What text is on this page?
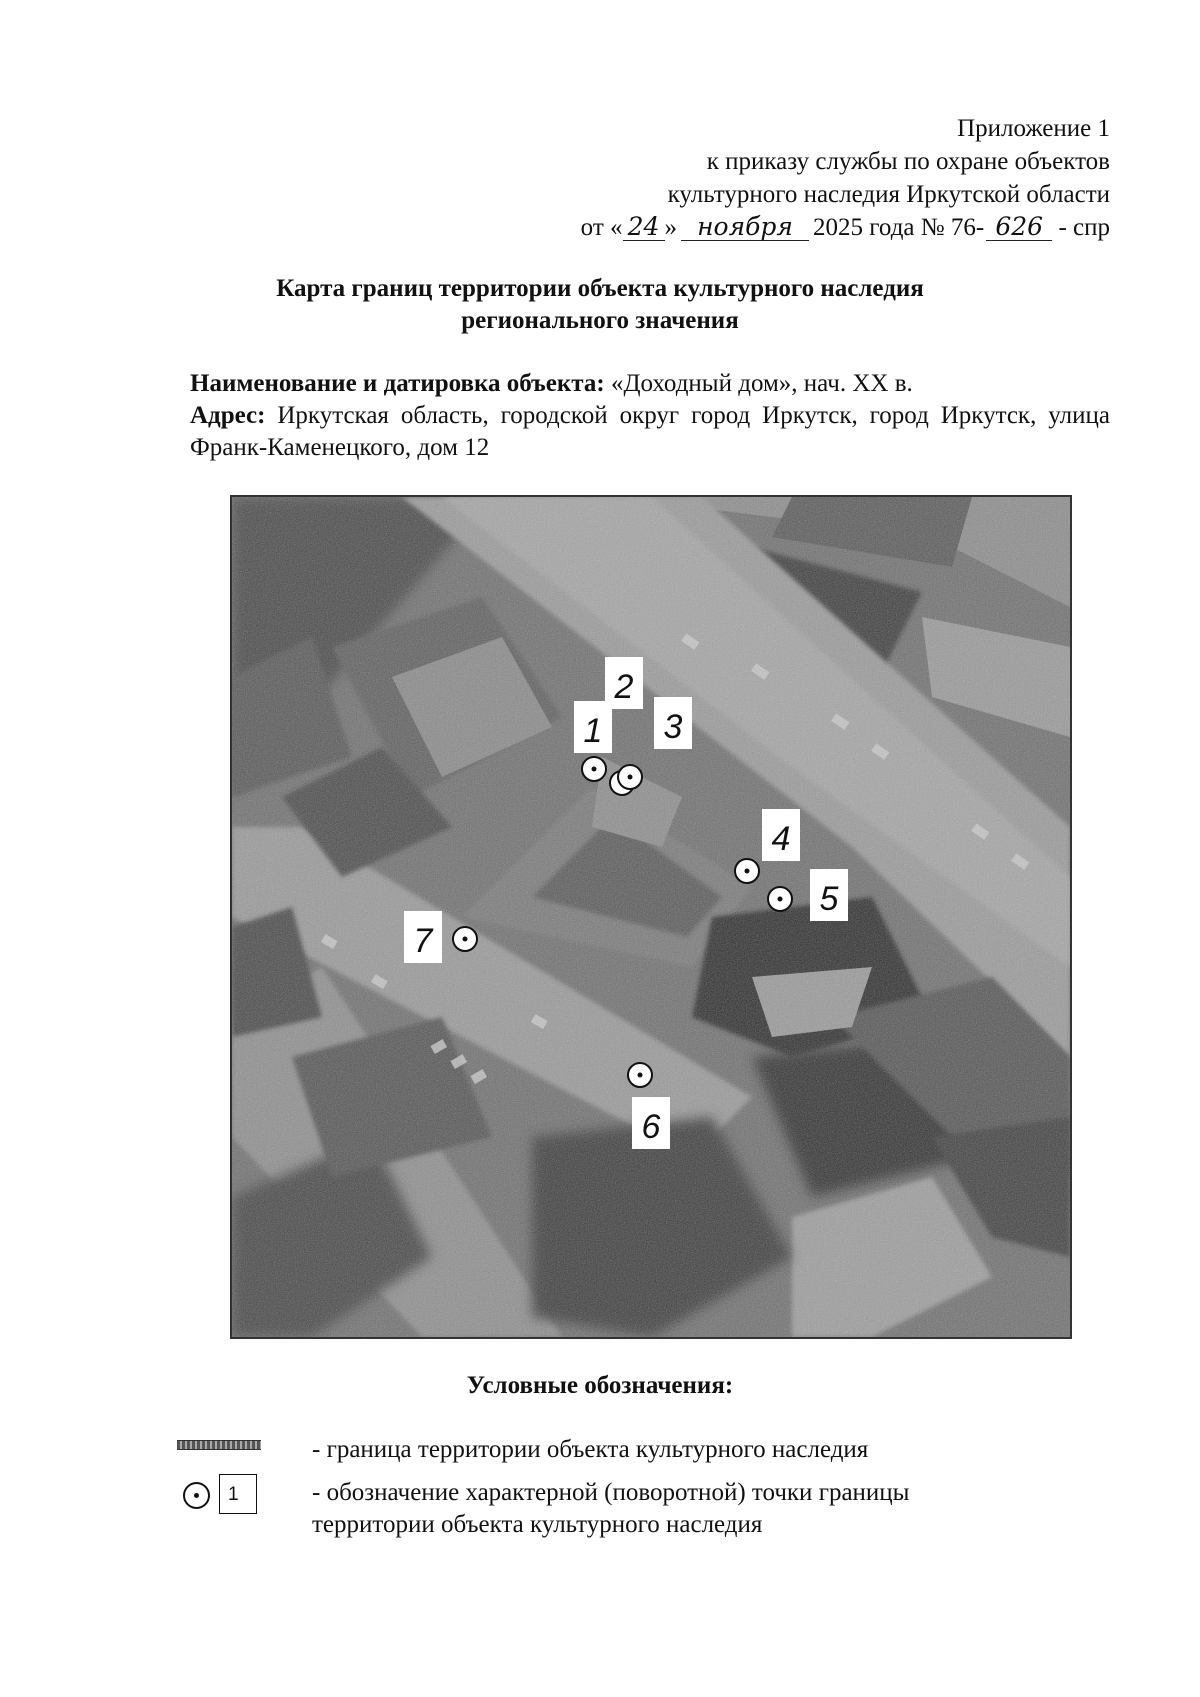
Приложение 1
к приказу службы по охране объектов
культурного наследия Иркутской области
от « 24 » ноября 2025 года № 76- 626 - спр
Карта границ территории объекта культурного наследия
регионального значения
Наименование и датировка объекта: «Доходный дом», нач. XX в.
Адрес: Иркутская область, городской округ город Иркутск, город Иркутск, улица Франк-Каменецкого, дом 12
1
2
3
4
5
6
7
Условные обозначения:
- граница территории объекта культурного наследия
1	- обозначение характерной (поворотной) точки границы
территории объекта культурного наследия
